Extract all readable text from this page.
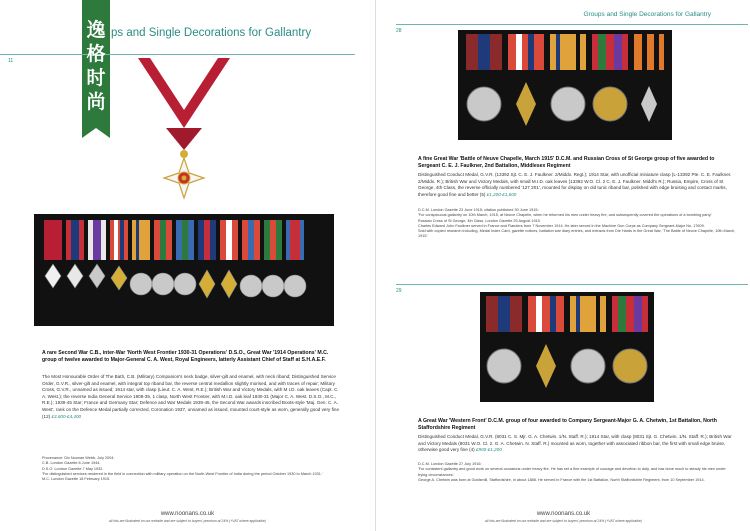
逸
格
时
尚
ps and Single Decorations for Gallantry
11
A rare Second War C.B., inter-War 'North West Frontier 1930-31 Operations' D.S.O., Great War '1914 Operations' M.C. group of twelve awarded to Major-General C. A. West, Royal Engineers, latterly Assistant Chief of Staff at S.H.A.E.F.
The Most Honourable Order of The Bath, C.B. (Military) Companion's neck badge, silver-gilt and enamel, with neck riband; Distinguished Service Order, G.V.R., silver-gilt and enamel, with integral top riband bar, the reverse central medallion slightly morised, and with traces of repair; Military Cross, G.V.R., unnamed as issued; 1914 star, with clasp (Lieut. C. A. West, R.E.); British War and Victory Medals, with M.I.D. oak leaves (Capt. C. A. West.); the reverse India General Service 1908-35, 1 clasp, North West Frontier, with M.I.D. oak leaf 1930-31 (Major C. A. West. D.S.O., M.C., R.E.); 1939-45 Star; France and Germany Star; Defence and War Medals 1939-45, the Second War awards inscribed Boots-style 'Maj. Gen. C. A. West', rank on the Defence Medal partially corrected, Coronation 1937, unnamed as issued, mounted court-style as worn, generally good very fine (12) £3,600-£4,400
Provenance: Dix Noonan Webb, July 2004.
C.B. London Gazette 8 June 1944.
D.S.O. London Gazette 7 May 1932.
'For distinguished services rendered in the field in connection with military operation on the North-West Frontier of India during the period October 1930 to March 1931.'
M.C. London Gazette 18 February 1915.
www.noonans.co.uk
all lots are illustrated on our website and are subject to buyers' premium at 24% (+VAT where applicable)
Groups and Single Decorations for Gallantry
28
A fine Great War 'Battle of Neuve Chapelle, March 1915' D.C.M. and Russian Cross of St George group of five awarded to Sergeant C. E. J. Faulkner, 2nd Battalion, Middlesex Regiment
Distinguished Conduct Medal, G.V.R. (13392 Sjt. C. E. J. Faulkner. 2/Middx. Regt.); 1914 Star, with unofficial miniature clasp (L-13392 Pte. C. E. Faulkner. 2/Middx. R.); British War and Victory Medals, with small M.I.D. oak leaves (13392 W.O. Cl. 2 C. E. J. Faulkner. Middl'x R.); Russia, Empire, Cross of St George, 4th Class, the reverse officially numbered '127 201', mounted for display on old tunic riband bar, polished with edge bruising and contact marks, therefore good fine and better (5) £1,200-£1,600
D.C.M. London Gazette 23 June 1915; citation published 30 June 1915:
'For conspicuous gallantry on 10th March, 1915, at Neuve Chapelle, when he reformed his men under heavy fire, and subsequently covered the operations of a bombing party.'
Russian Cross of St George, 4th Class, London Gazette 25 August 1915.
Charles Edward John Faulkner served in France and Flanders from 7 November 1914. He later served in the Machine Gun Corps as Company Sergeant-Major No. 17609.
Sold with copied research including, Medal Index Card, gazette notices, battalion war diary entries, and extracts from Die Hards in the Great War, 'The Battle of Neuve Chapelle, 10th March, 1915.'
29
A Great War 'Western Front' D.C.M. group of four awarded to Company Sergeant-Major G. A. Chetwin, 1st Battalion, North Staffordshire Regiment
Distinguished Conduct Medal, G.V.R. (8031 C. S. Mjr. G. A. Chetwin. 1/N. Staff. R.); 1914 Star, with clasp (8031 Sjt. G. Chetwin. 1/N. Staff. R.); British War and Victory Medals (8031 W.O. Cl. 2. G. A. Chetwin. N. Staff. R.) mounted as worn, together with associated ribbon bar, the first with small edge bruise, otherwise good very fine (4) £900-£1,200
D.C.M. London Gazette 27 July 1916:
'For consistent gallantry and good work on several occasions under heavy fire. He has set a fine example of courage and devotion to duty, and has done much to steady his men under trying circumstances.'
George A. Chetwin was born at Goldsmill, Staffordshire, in about 1888. He served in France with the 1st Battalion, North Staffordshire Regiment, from 10 September 1914.
www.noonans.co.uk
all lots are illustrated on our website and are subject to buyers' premium at 24% (+VAT where applicable)
